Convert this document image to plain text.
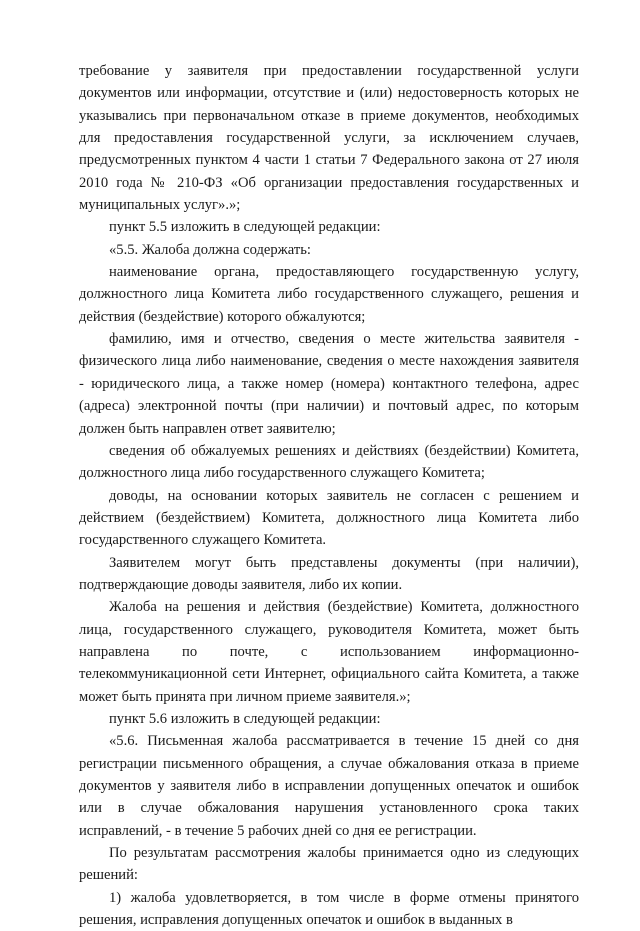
требование у заявителя при предоставлении государственной услуги документов или информации, отсутствие и (или) недостоверность которых не указывались при первоначальном отказе в приеме документов, необходимых для предоставления государственной услуги, за исключением случаев, предусмотренных пунктом 4 части 1 статьи 7 Федерального закона от 27 июля 2010 года № 210-ФЗ «Об организации предоставления государственных и муниципальных услуг».»;

пункт 5.5 изложить в следующей редакции:

«5.5. Жалоба должна содержать:

наименование органа, предоставляющего государственную услугу, должностного лица Комитета либо государственного служащего, решения и действия (бездействие) которого обжалуются;

фамилию, имя и отчество, сведения о месте жительства заявителя - физического лица либо наименование, сведения о месте нахождения заявителя - юридического лица, а также номер (номера) контактного телефона, адрес (адреса) электронной почты (при наличии) и почтовый адрес, по которым должен быть направлен ответ заявителю;

сведения об обжалуемых решениях и действиях (бездействии) Комитета, должностного лица либо государственного служащего Комитета;

доводы, на основании которых заявитель не согласен с решением и действием (бездействием) Комитета, должностного лица Комитета либо государственного служащего Комитета.

Заявителем могут быть представлены документы (при наличии), подтверждающие доводы заявителя, либо их копии.

Жалоба на решения и действия (бездействие) Комитета, должностного лица, государственного служащего, руководителя Комитета, может быть направлена по почте, с использованием информационно-телекоммуникационной сети Интернет, официального сайта Комитета, а также может быть принята при личном приеме заявителя.»;

пункт 5.6 изложить в следующей редакции:

«5.6. Письменная жалоба рассматривается в течение 15 дней со дня регистрации письменного обращения, а случае обжалования отказа в приеме документов у заявителя либо в исправлении допущенных опечаток и ошибок или в случае обжалования нарушения установленного срока таких исправлений, - в течение 5 рабочих дней со дня ее регистрации.

По результатам рассмотрения жалобы принимается одно из следующих решений:

1) жалоба удовлетворяется, в том числе в форме отмены принятого решения, исправления допущенных опечаток и ошибок в выданных в
